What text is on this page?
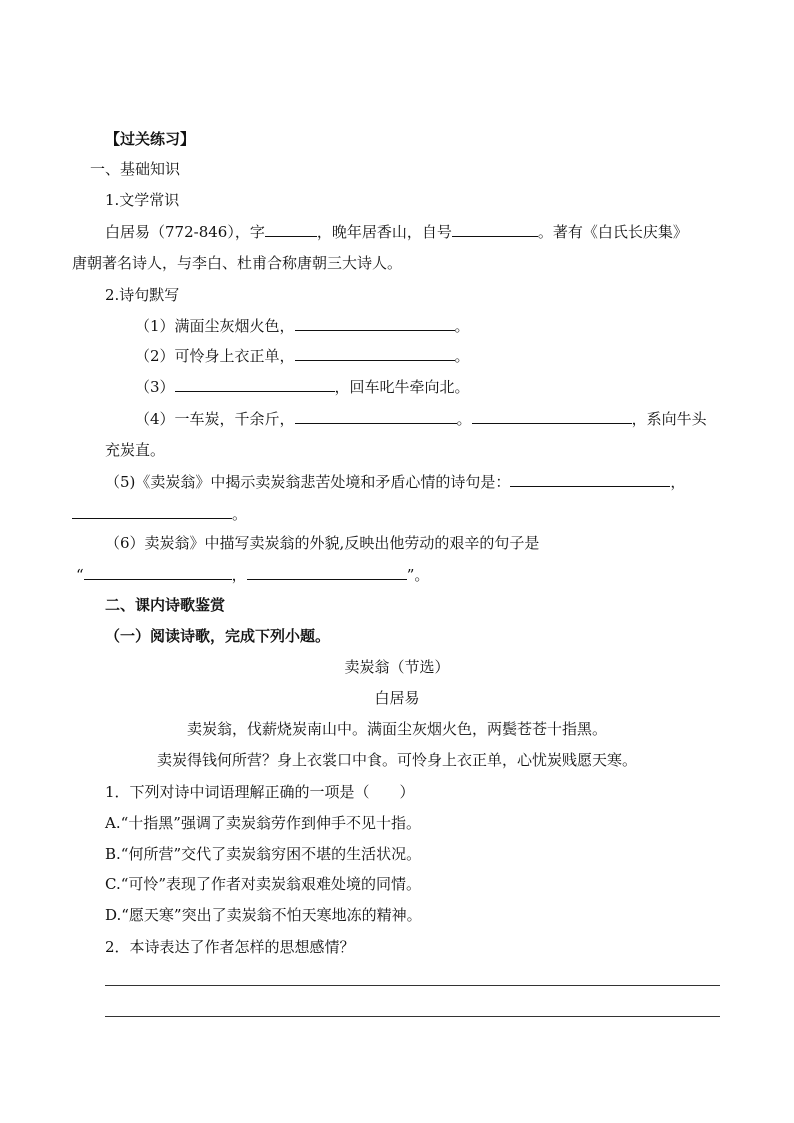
【过关练习】
一、基础知识
1.文学常识
白居易（772-846），字	，晚年居香山，自号	。著有《白氏长庆集》
唐朝著名诗人，与李白、杜甫合称唐朝三大诗人。
2.诗句默写
（1）满面尘灰烟火色，	。
（2）可怜身上衣正单，	。
（3）	，回车叱牛牵向北。
（4）一车炭，千余斤，	。	，系向牛头
充炭直。
（5)《卖炭翁》中揭示卖炭翁悲苦处境和矛盾心情的诗句是：	，
。
（6）卖炭翁》中描写卖炭翁的外貌,反映出他劳动的艰辛的句子是
“	，	”。
二、课内诗歌鉴赏
（一）阅读诗歌，完成下列小题。
卖炭翁（节选）
白居易
卖炭翁，伐薪烧炭南山中。满面尘灰烟火色，两鬓苍苍十指黑。
卖炭得钱何所营？身上衣裳口中食。可怜身上衣正单，心忧炭贱愿天寒。
1．下列对诗中词语理解正确的一项是（　　）
A.“十指黑”强调了卖炭翁劳作到伸手不见十指。
B.“何所营”交代了卖炭翁穷困不堪的生活状况。
C.“可怜”表现了作者对卖炭翁艰难处境的同情。
D.“愿天寒”突出了卖炭翁不怕天寒地冻的精神。
2．本诗表达了作者怎样的思想感情？
